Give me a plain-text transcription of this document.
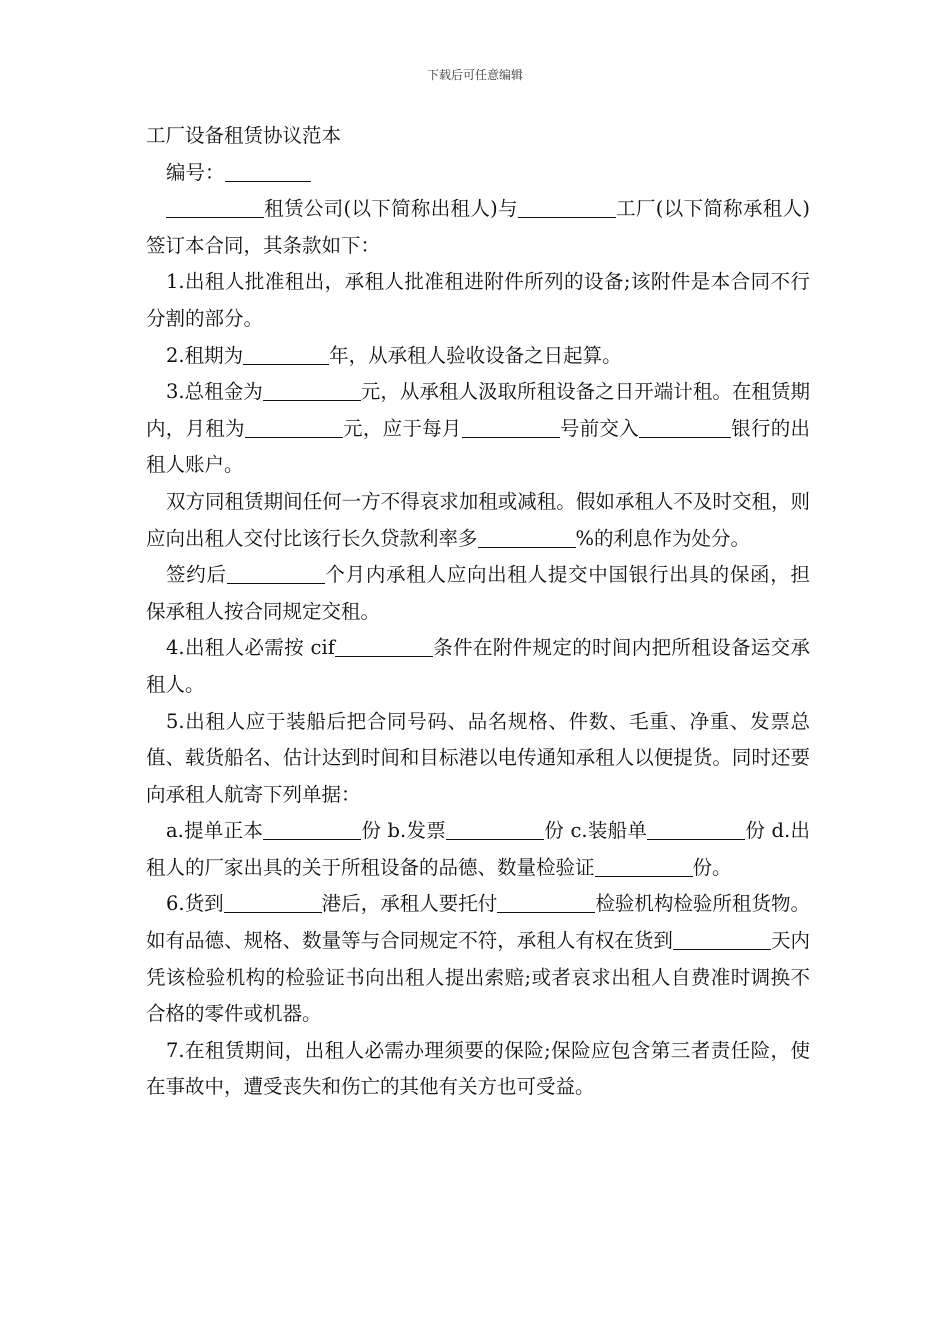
下载后可任意编辑

工厂设备租赁协议范本

编号：

租赁公司(以下简称出租人)与	工厂(以下简称承租人)签订本合同，其条款如下：

1.出租人批准租出，承租人批准租进附件所列的设备;该附件是本合同不行分割的部分。

2.租期为	年，从承租人验收设备之日起算。

3.总租金为	元，从承租人汲取所租设备之日开端计租。在租赁期内，月租为	元，应于每月	号前交入	银行的出租人账户。

双方同租赁期间任何一方不得哀求加租或减租。假如承租人不及时交租，则应向出租人交付比该行长久贷款利率多	%的利息作为处分。

签约后	个月内承租人应向出租人提交中国银行出具的保函，担保承租人按合同规定交租。

4.出租人必需按 cif	条件在附件规定的时间内把所租设备运交承租人。

5.出租人应于装船后把合同号码、品名规格、件数、毛重、净重、发票总值、载货船名、估计达到时间和目标港以电传通知承租人以便提货。同时还要向承租人航寄下列单据：

a.提单正本	份 b.发票	份 c.装船单	份 d.出租人的厂家出具的关于所租设备的品德、数量检验证	份。

6.货到	港后，承租人要托付	检验机构检验所租货物。如有品德、规格、数量等与合同规定不符，承租人有权在货到	天内凭该检验机构的检验证书向出租人提出索赔;或者哀求出租人自费准时调换不合格的零件或机器。

7.在租赁期间，出租人必需办理须要的保险;保险应包含第三者责任险，使在事故中，遭受丧失和伤亡的其他有关方也可受益。
